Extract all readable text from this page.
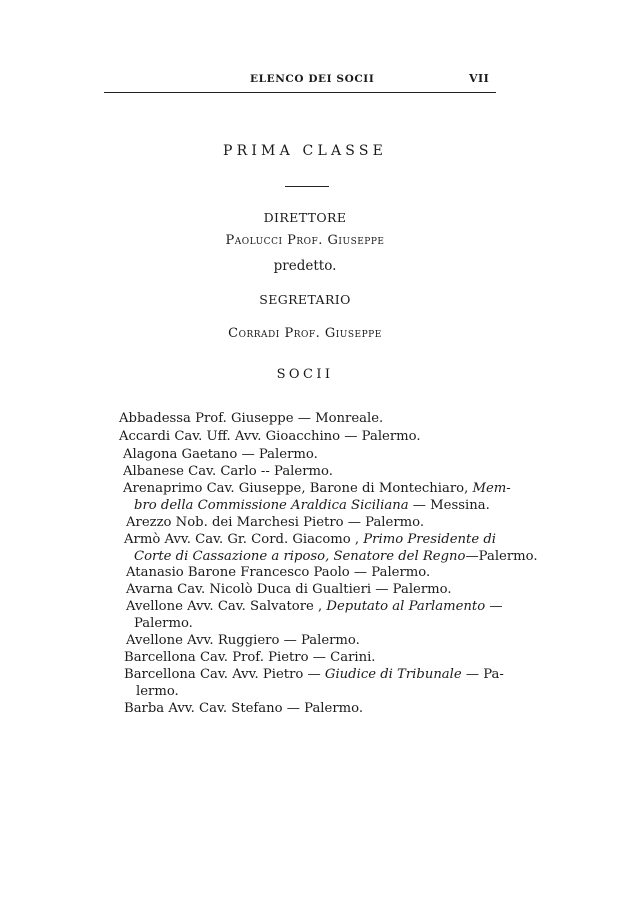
ELENCO DEI SOCII	VII
PRIMA CLASSE
DIRETTORE
Paolucci Prof. Giuseppe
predetto.
SEGRETARIO
Corradi Prof. Giuseppe
SOCII
Abbadessa Prof. Giuseppe — Monreale.
Accardi Cav. Uff. Avv. Gioacchino — Palermo.
Alagona Gaetano — Palermo.
Albanese Cav. Carlo -- Palermo.
Arenaprimo Cav. Giuseppe, Barone di Montechiaro, Mem-
bro della Commissione Araldica Siciliana — Messina.
Arezzo Nob. dei Marchesi Pietro — Palermo.
Armò Avv. Cav. Gr. Cord. Giacomo , Primo Presidente di
Corte di Cassazione a riposo, Senatore del Regno—Palermo.
Atanasio Barone Francesco Paolo — Palermo.
Avarna Cav. Nicolò Duca di Gualtieri — Palermo.
Avellone Avv. Cav. Salvatore , Deputato al Parlamento —
Palermo.
Avellone Avv. Ruggiero — Palermo.
Barcellona Cav. Prof. Pietro — Carini.
Barcellona Cav. Avv. Pietro — Giudice di Tribunale — Pa-
lermo.
Barba Avv. Cav. Stefano — Palermo.
